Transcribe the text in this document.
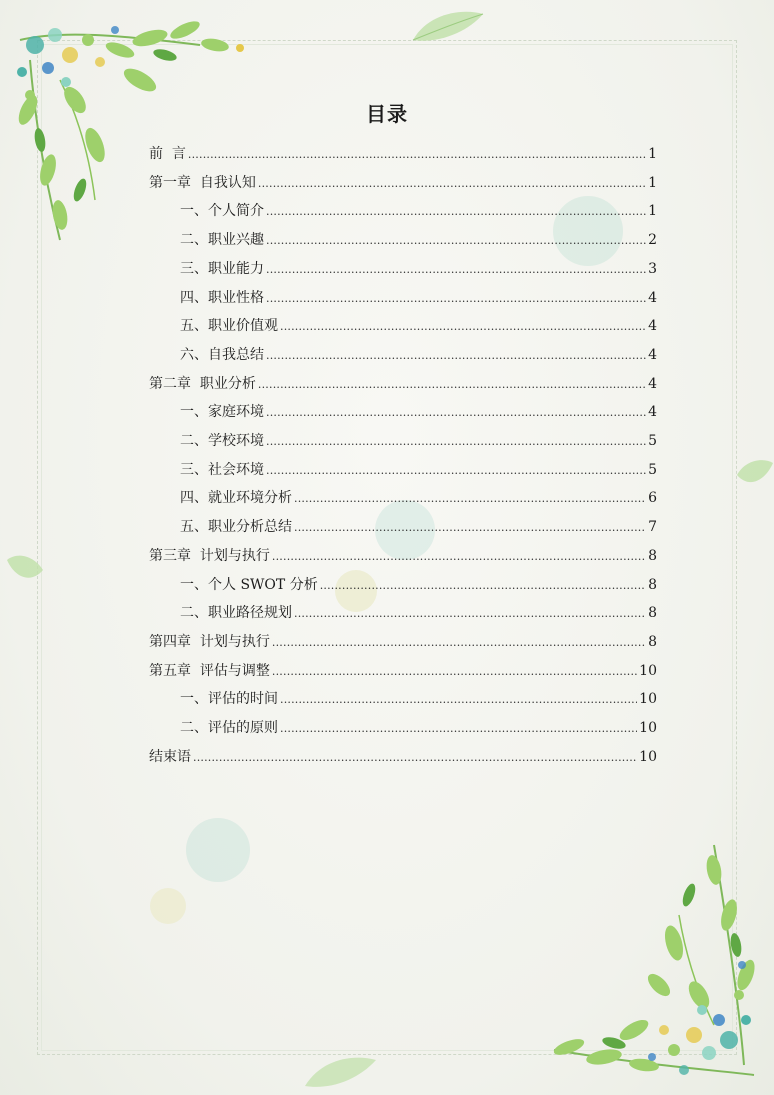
目录
前  言 .....	1
第一章  自我认知 .....	1
一、个人简介 .....	1
二、职业兴趣 .....	2
三、职业能力 .....	3
四、职业性格 .....	4
五、职业价值观 .....	4
六、自我总结 .....	4
第二章  职业分析 .....	4
一、家庭环境 .....	4
二、学校环境 .....	5
三、社会环境 .....	5
四、就业环境分析 .....	6
五、职业分析总结 .....	7
第三章  计划与执行 .....	8
一、个人 SWOT 分析 .....	8
二、职业路径规划 .....	8
第四章  计划与执行 .....	8
第五章  评估与调整 .....	10
一、评估的时间 .....	10
二、评估的原则 .....	10
结束语 .....	10
